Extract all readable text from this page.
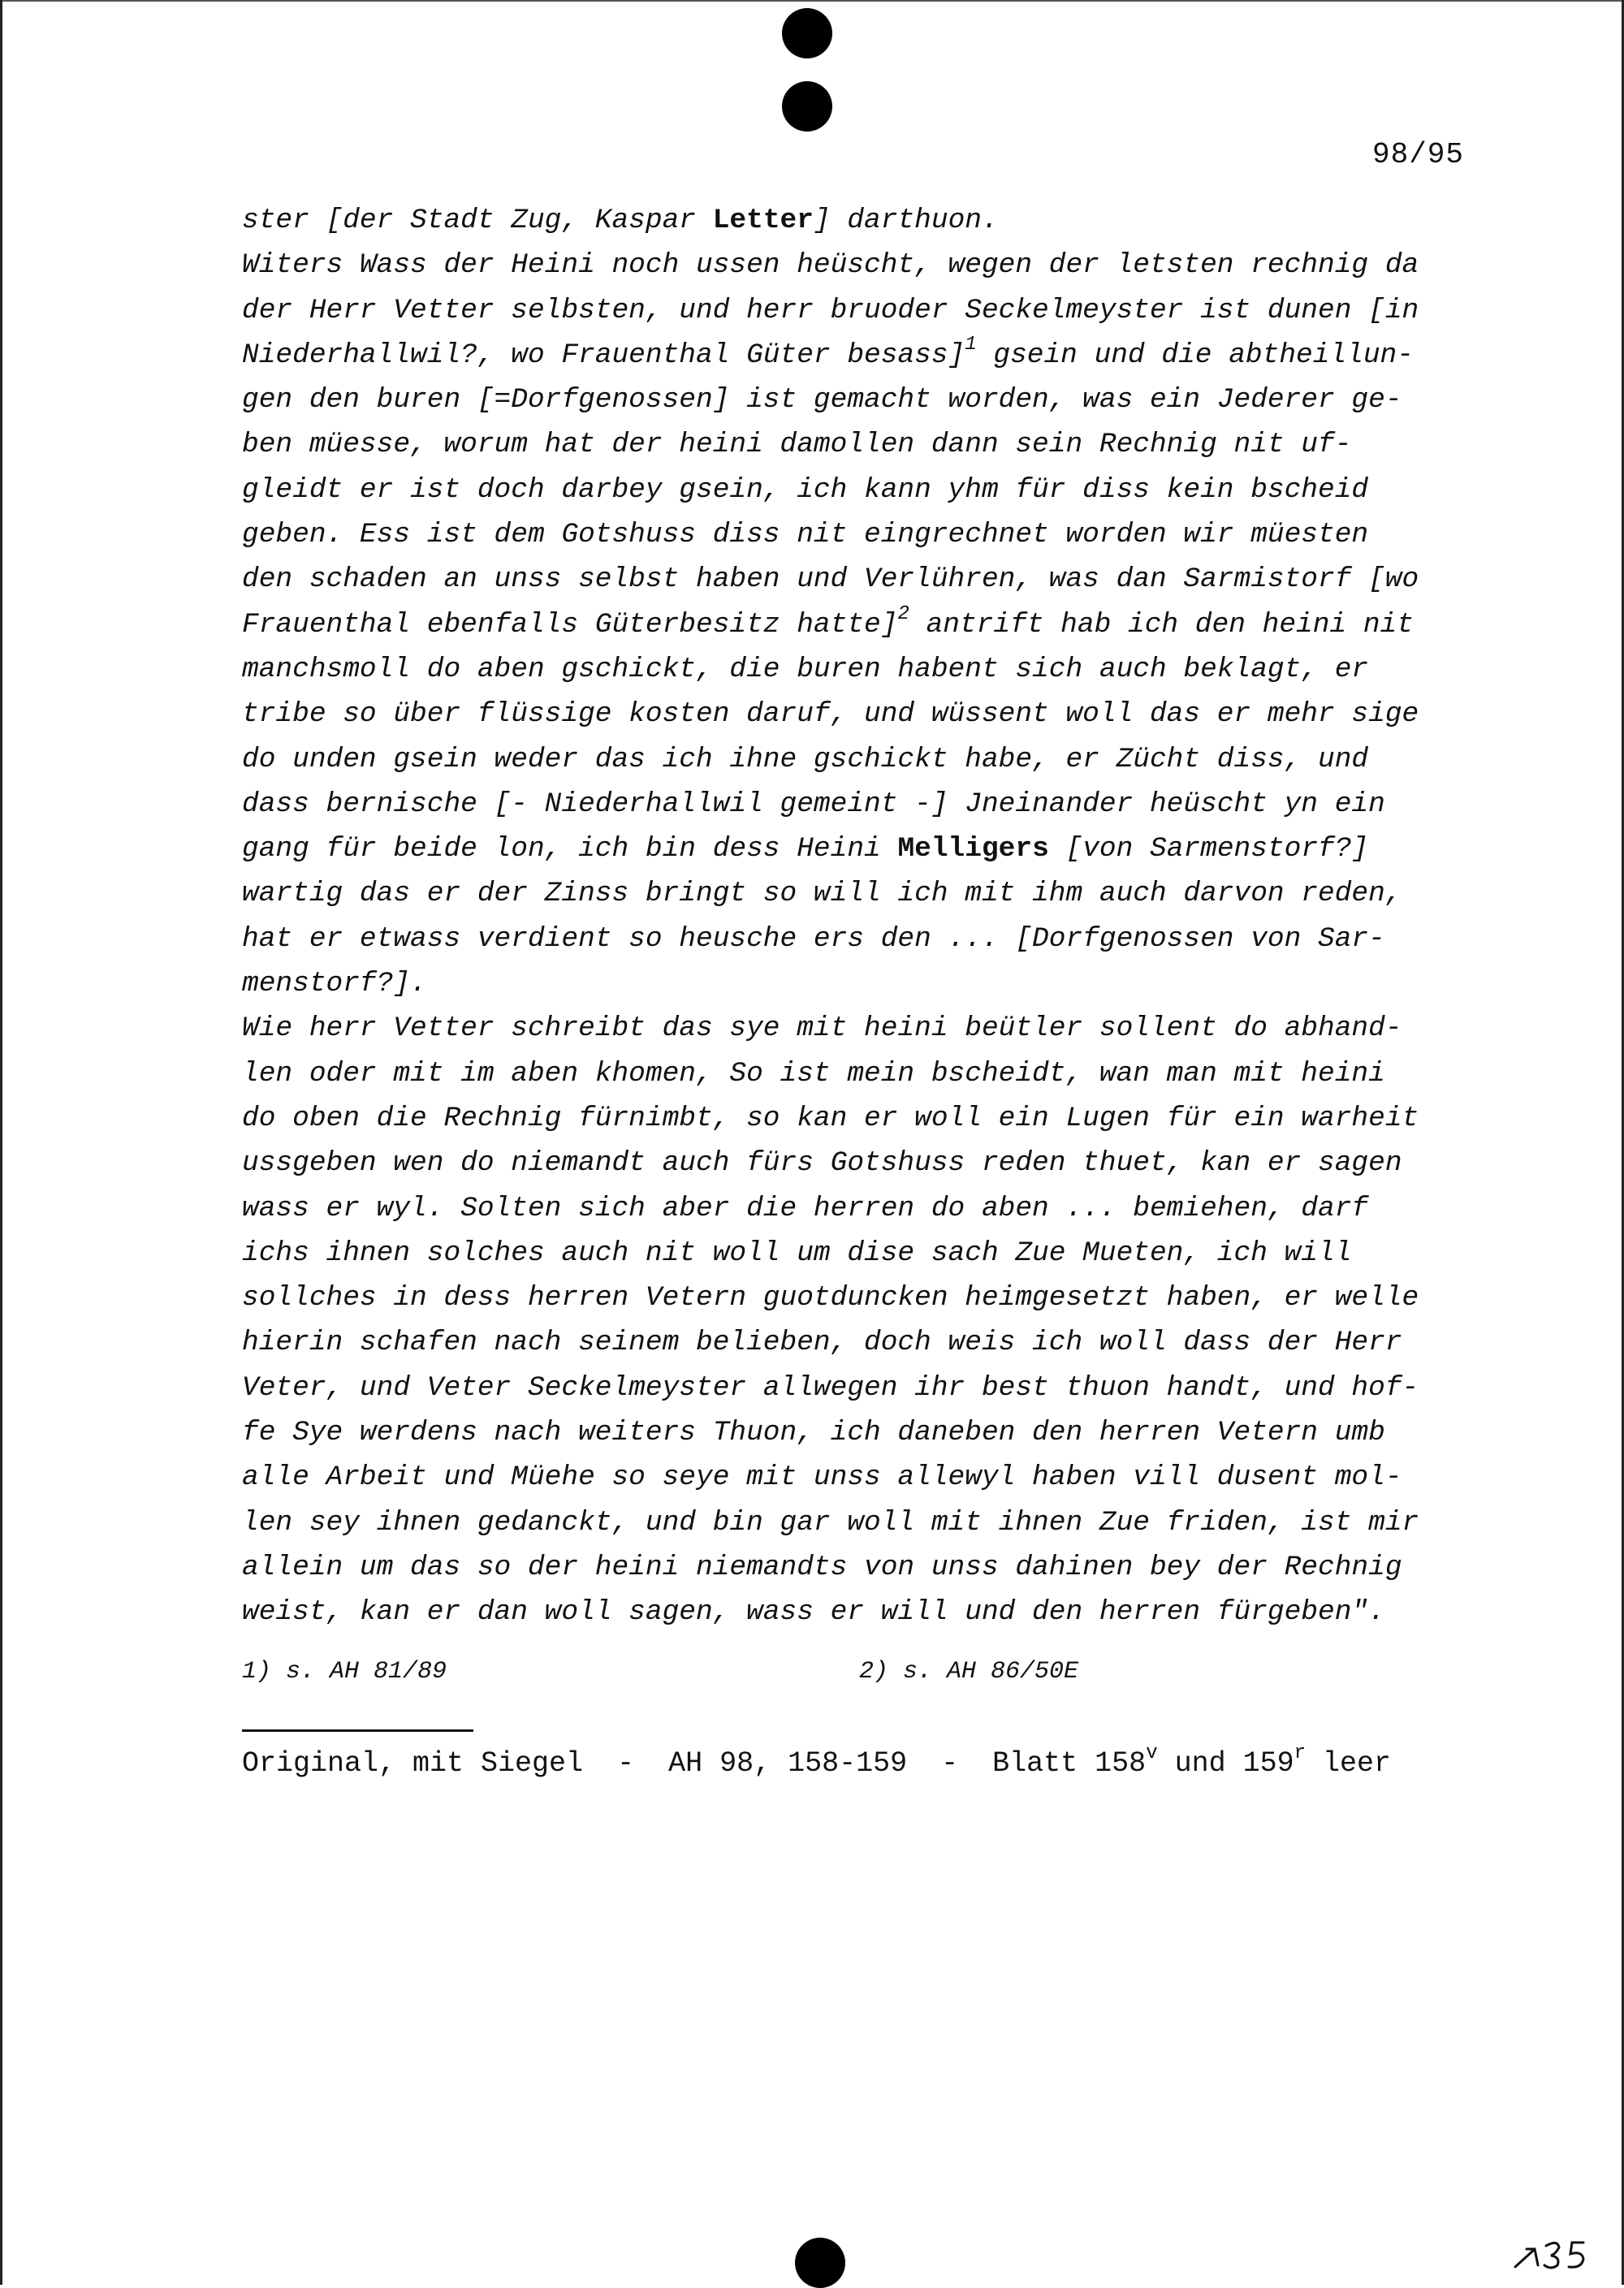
98/95
ster [der Stadt Zug, Kaspar Letter] darthuon.
Witers Wass der Heini noch ussen heüscht, wegen der letsten rechnig da
der Herr Vetter selbsten, und herr bruoder Seckelmeyster ist dunen [in
Niederhallwil?, wo Frauenthal Güter besass]$^1$ gsein und die abtheillun-
gen den buren [=Dorfgenossen] ist gemacht worden, was ein Jederer ge-
ben müesse, worum hat der heini damollen dann sein Rechnig nit uf-
gleidt er ist doch darbey gsein, ich kann yhm für diss kein bscheid
geben. Ess ist dem Gotshuss diss nit eingrechnet worden wir müesten
den schaden an unss selbst haben und Verlühren, was dan Sarmistorf [wo
Frauenthal ebenfalls Güterbesitz hatte]$^2$ antrift hab ich den heini nit
manchsmoll do aben gschickt, die buren habent sich auch beklagt, er
tribe so über flüssige kosten daruf, und wüssent woll das er mehr sige
do unden gsein weder das ich ihne gschickt habe, er Zücht diss, und
dass bernische [- Niederhallwil gemeint -] Jneinander heüscht yn ein
gang für beide lon, ich bin dess Heini Melligers [von Sarmenstorf?]
wartig das er der Zinss bringt so will ich mit ihm auch darvon reden,
hat er etwass verdient so heusche ers den ... [Dorfgenossen von Sar-
menstorf?].
Wie herr Vetter schreibt das sye mit heini beütler sollent do abhand-
len oder mit im aben khomen, So ist mein bscheidt, wan man mit heini
do oben die Rechnig fürnimbt, so kan er woll ein Lugen für ein warheit
ussgeben wen do niemandt auch fürs Gotshuss reden thuet, kan er sagen
wass er wyl. Solten sich aber die herren do aben ... bemiehen, darf
ichs ihnen solches auch nit woll um dise sach Zue Mueten, ich will
sollches in dess herren Vetern guotduncken heimgesetzt haben, er welle
hierin schafen nach seinem belieben, doch weis ich woll dass der Herr
Veter, und Veter Seckelmeyster allwegen ihr best thuon handt, und hof-
fe Sye werdens nach weiters Thuon, ich daneben den herren Vetern umb
alle Arbeit und Müehe so seye mit unss allewyl haben vill dusent mol-
len sey ihnen gedanckt, und bin gar woll mit ihnen Zue friden, ist mir
allein um das so der heini niemandts von unss dahinen bey der Rechnig
weist, kan er dan woll sagen, wass er will und den herren fürgeben".
1) s. AH 81/89	2) s. AH 86/50E
Original, mit Siegel  -  AH 98, 158-159  -  Blatt 158$^v$ und 159$^r$ leer
